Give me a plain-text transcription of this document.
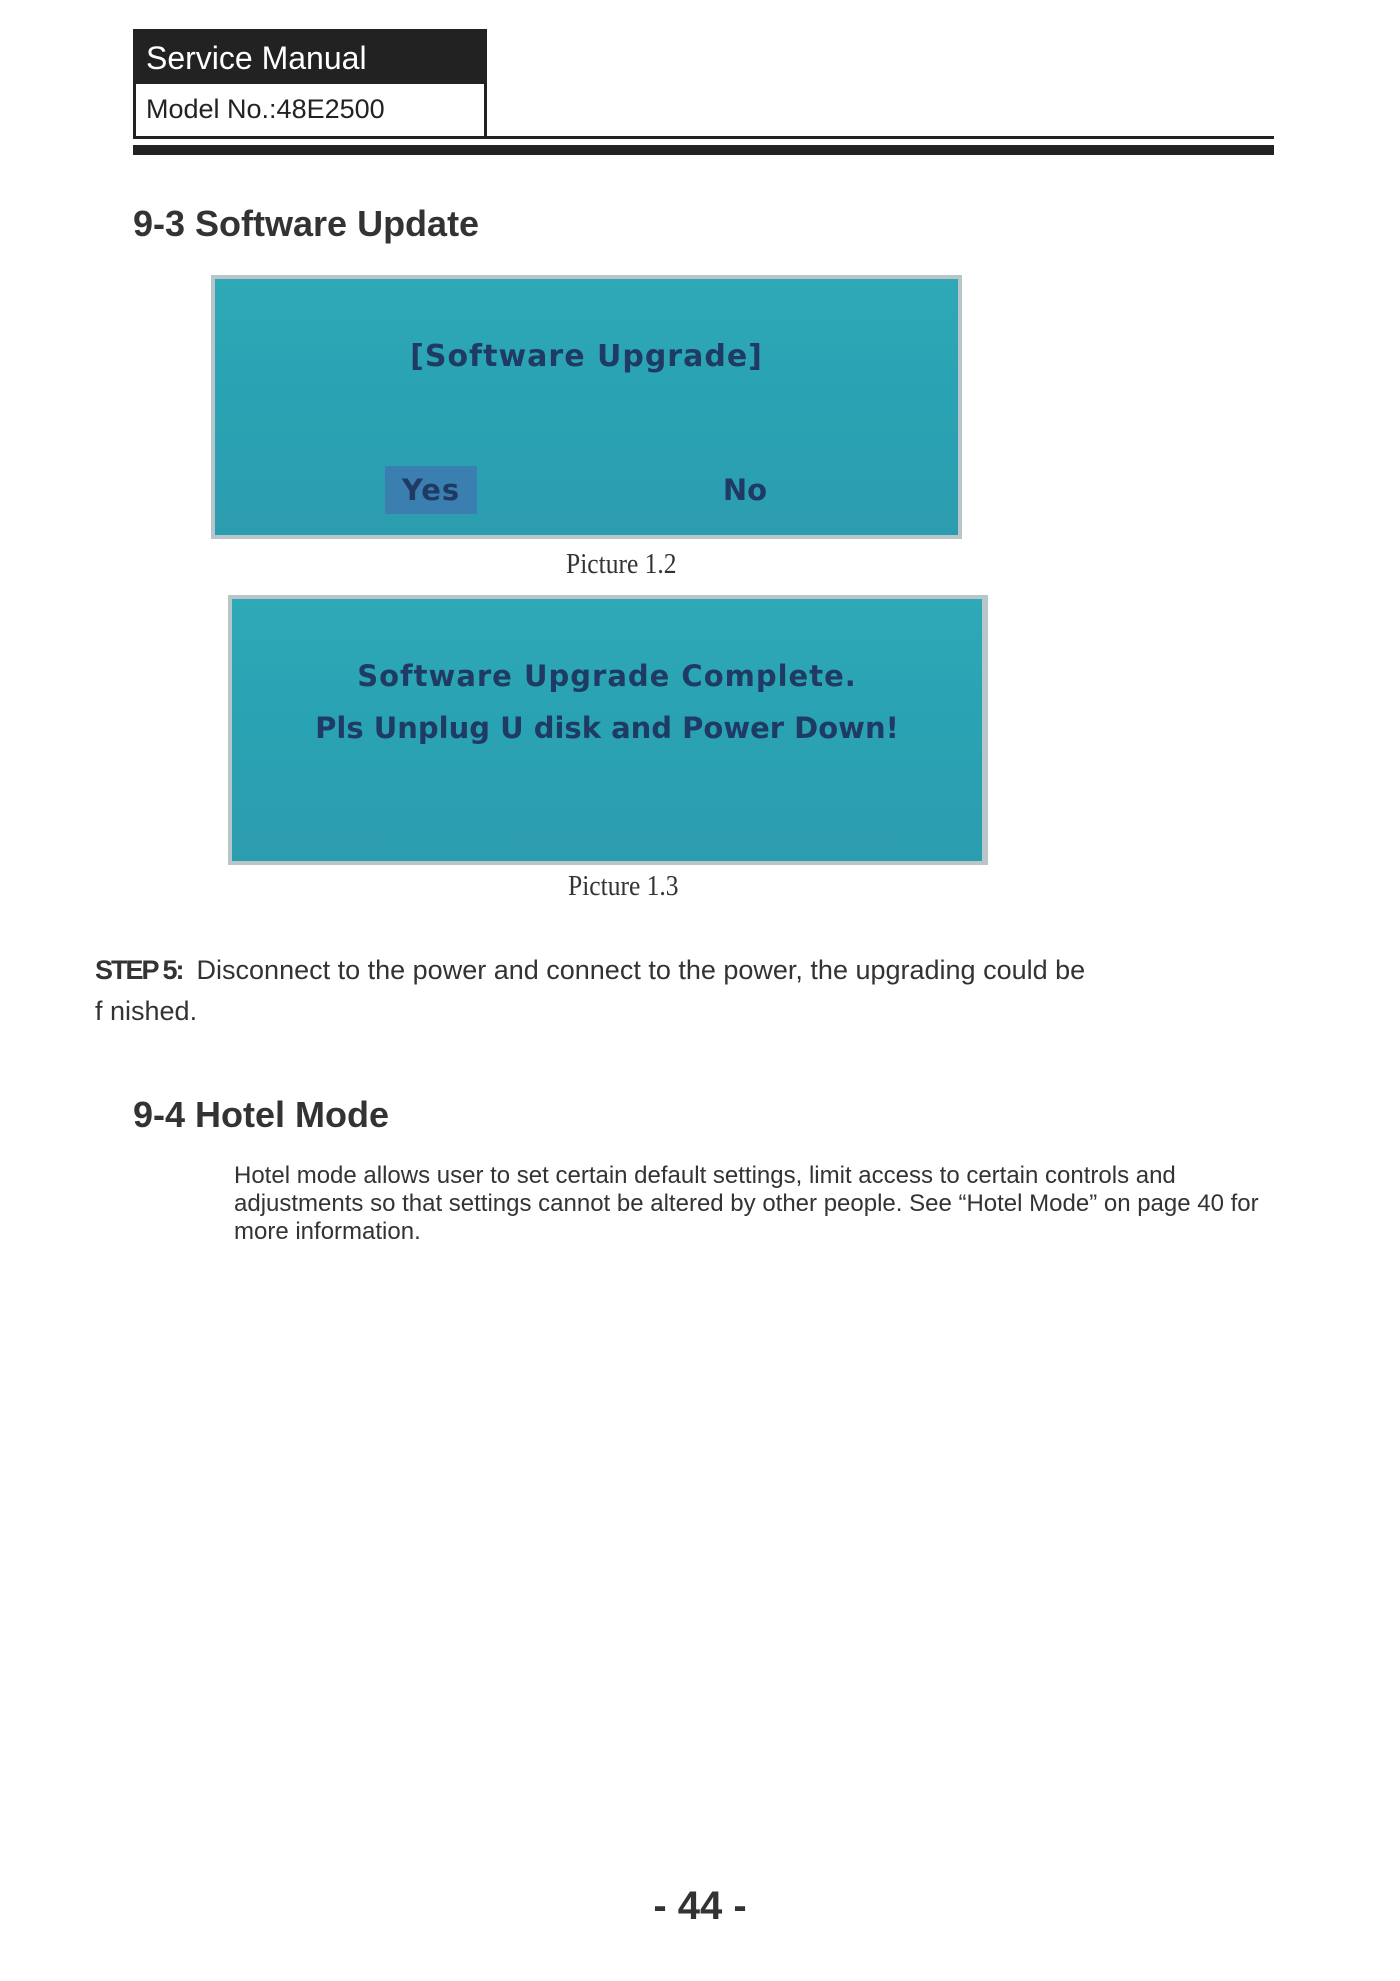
Service Manual
Model No.:48E2500
9-3 Software Update
[Software Upgrade]
Yes	No

Picture 1.2

Software Upgrade Complete.
Pls Unplug U disk and Power Down!

Picture 1.3

STEP 5: Disconnect to the power and connect to the power, the upgrading could be f nished.

9-4 Hotel Mode

Hotel mode allows user to set certain default settings, limit access to certain controls and adjustments so that settings cannot be altered by other people. See “Hotel Mode” on page 40 for more information.

- 44 -
